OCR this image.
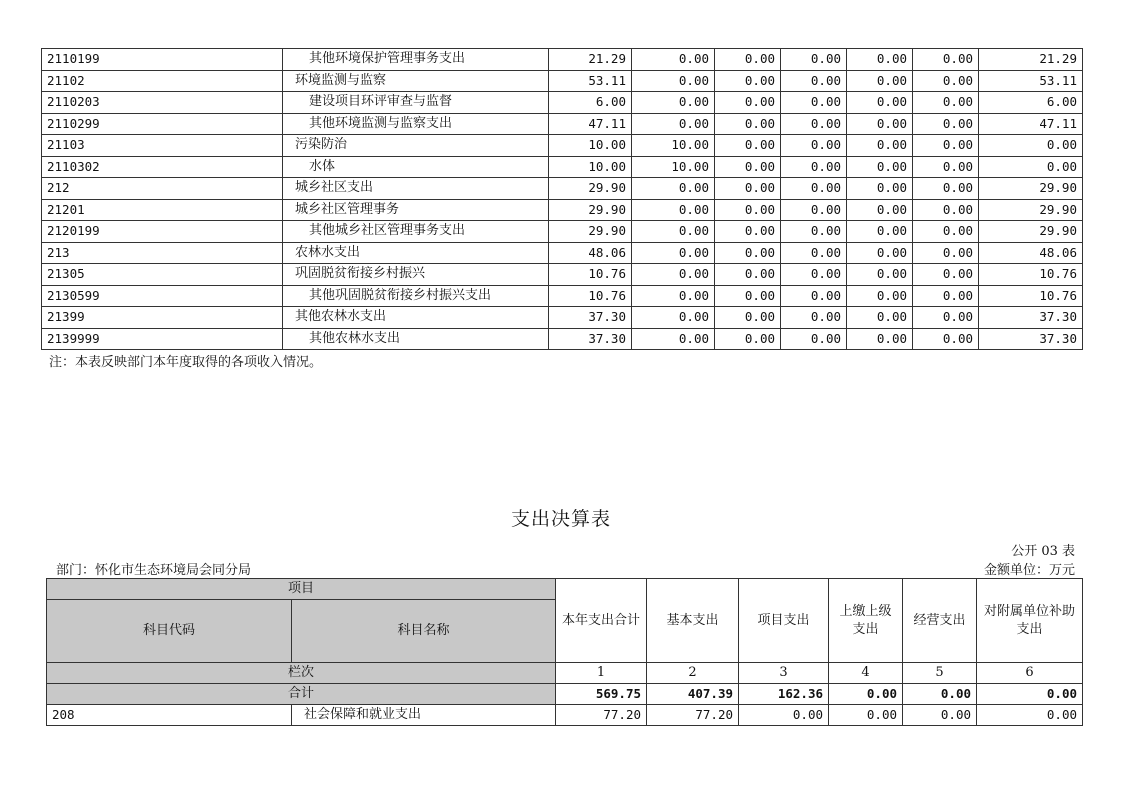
2110199	其他环境保护管理事务支出	21.29	0.00	0.00	0.00	0.00	0.00	21.29
21102	环境监测与监察	53.11	0.00	0.00	0.00	0.00	0.00	53.11
2110203	建设项目环评审查与监督	6.00	0.00	0.00	0.00	0.00	0.00	6.00
2110299	其他环境监测与监察支出	47.11	0.00	0.00	0.00	0.00	0.00	47.11
21103	污染防治	10.00	10.00	0.00	0.00	0.00	0.00	0.00
2110302	水体	10.00	10.00	0.00	0.00	0.00	0.00	0.00
212	城乡社区支出	29.90	0.00	0.00	0.00	0.00	0.00	29.90
21201	城乡社区管理事务	29.90	0.00	0.00	0.00	0.00	0.00	29.90
2120199	其他城乡社区管理事务支出	29.90	0.00	0.00	0.00	0.00	0.00	29.90
213	农林水支出	48.06	0.00	0.00	0.00	0.00	0.00	48.06
21305	巩固脱贫衔接乡村振兴	10.76	0.00	0.00	0.00	0.00	0.00	10.76
2130599	其他巩固脱贫衔接乡村振兴支出	10.76	0.00	0.00	0.00	0.00	0.00	10.76
21399	其他农林水支出	37.30	0.00	0.00	0.00	0.00	0.00	37.30
2139999	其他农林水支出	37.30	0.00	0.00	0.00	0.00	0.00	37.30
注：本表反映部门本年度取得的各项收入情况。
支出决算表
公开 03 表
部门：怀化市生态环境局会同分局	金额单位：万元
项目		本年支出合计	基本支出	项目支出	上缴上级支出	经营支出	对附属单位补助支出
科目代码	科目名称						
栏次		1	2	3	4	5	6
合计		569.75	407.39	162.36	0.00	0.00	0.00
208	社会保障和就业支出	77.20	77.20	0.00	0.00	0.00	0.00
